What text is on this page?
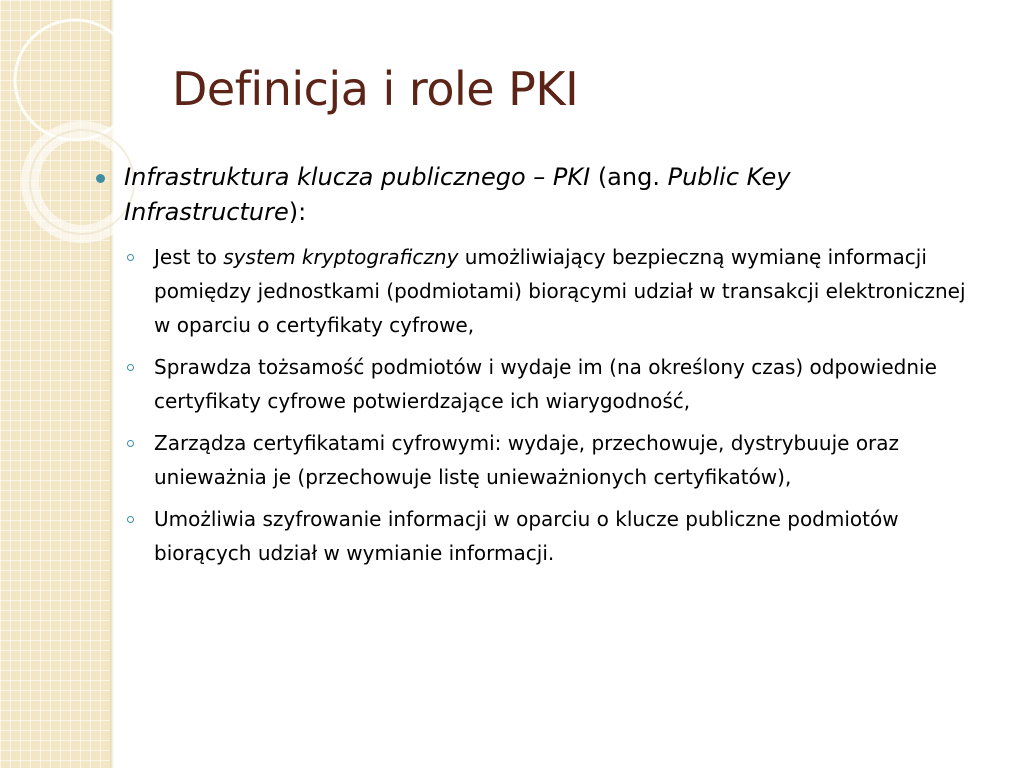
Definicja i role PKI
Infrastruktura klucza publicznego – PKI (ang. Public Key Infrastructure):
Jest to system kryptograficzny umożliwiający bezpieczną wymianę informacji pomiędzy jednostkami (podmiotami) biorącymi udział w transakcji elektronicznej w oparciu o certyfikaty cyfrowe,
Sprawdza tożsamość podmiotów i wydaje im (na określony czas) odpowiednie certyfikaty cyfrowe potwierdzające ich wiarygodność,
Zarządza certyfikatami cyfrowymi: wydaje, przechowuje, dystrybuuje oraz unieważnia je (przechowuje listę unieważnionych certyfikatów),
Umożliwia szyfrowanie informacji w oparciu o klucze publiczne podmiotów biorących udział w wymianie informacji.
